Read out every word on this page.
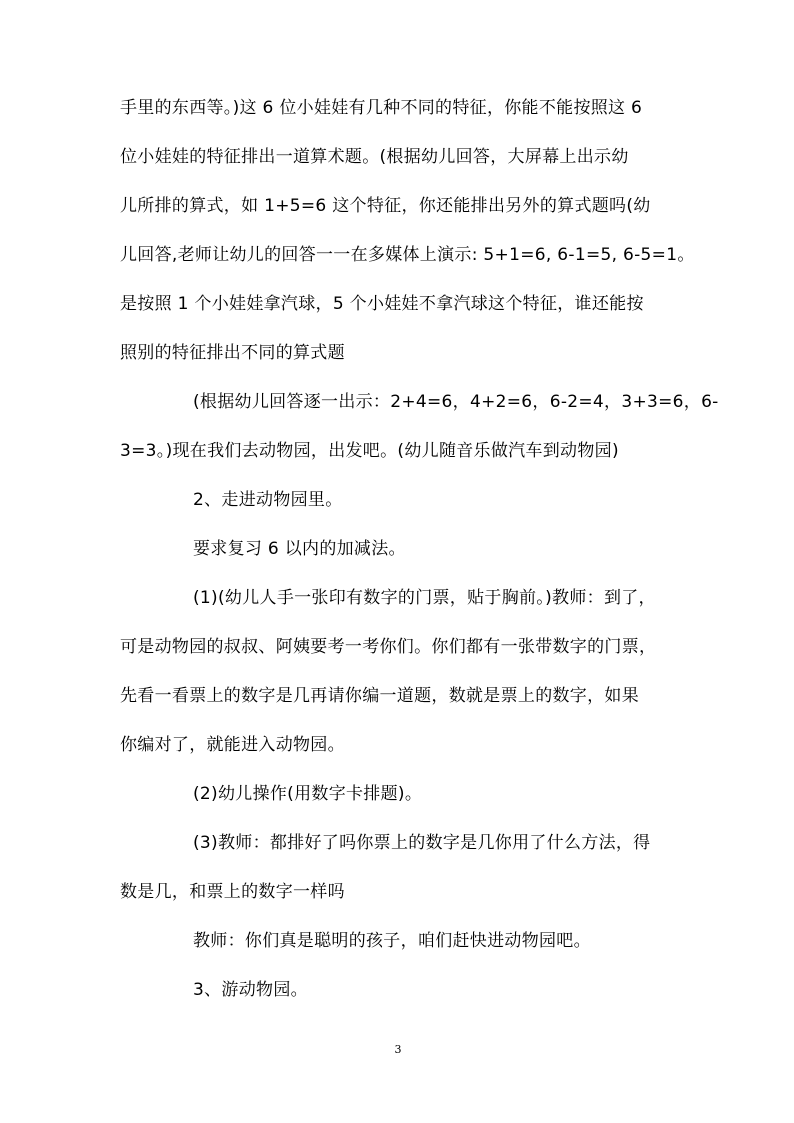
手里的东西等。)这 6 位小娃娃有几种不同的特征，你能不能按照这 6
位小娃娃的特征排出一道算术题。(根据幼儿回答，大屏幕上出示幼
儿所排的算式，如 1+5=6 这个特征，你还能排出另外的算式题吗(幼
儿回答,老师让幼儿的回答一一在多媒体上演示: 5+1=6, 6-1=5, 6-5=1。
是按照 1 个小娃娃拿汽球，5 个小娃娃不拿汽球这个特征，谁还能按
照别的特征排出不同的算式题
(根据幼儿回答逐一出示：2+4=6，4+2=6，6-2=4，3+3=6，6-
3=3。)现在我们去动物园，出发吧。(幼儿随音乐做汽车到动物园)
2、走进动物园里。
要求复习 6 以内的加减法。
(1)(幼儿人手一张印有数字的门票，贴于胸前。)教师：到了，
可是动物园的叔叔、阿姨要考一考你们。你们都有一张带数字的门票，
先看一看票上的数字是几再请你编一道题，数就是票上的数字，如果
你编对了，就能进入动物园。
(2)幼儿操作(用数字卡排题)。
(3)教师：都排好了吗你票上的数字是几你用了什么方法，得
数是几，和票上的数字一样吗
教师：你们真是聪明的孩子，咱们赶快进动物园吧。
3、游动物园。
3
